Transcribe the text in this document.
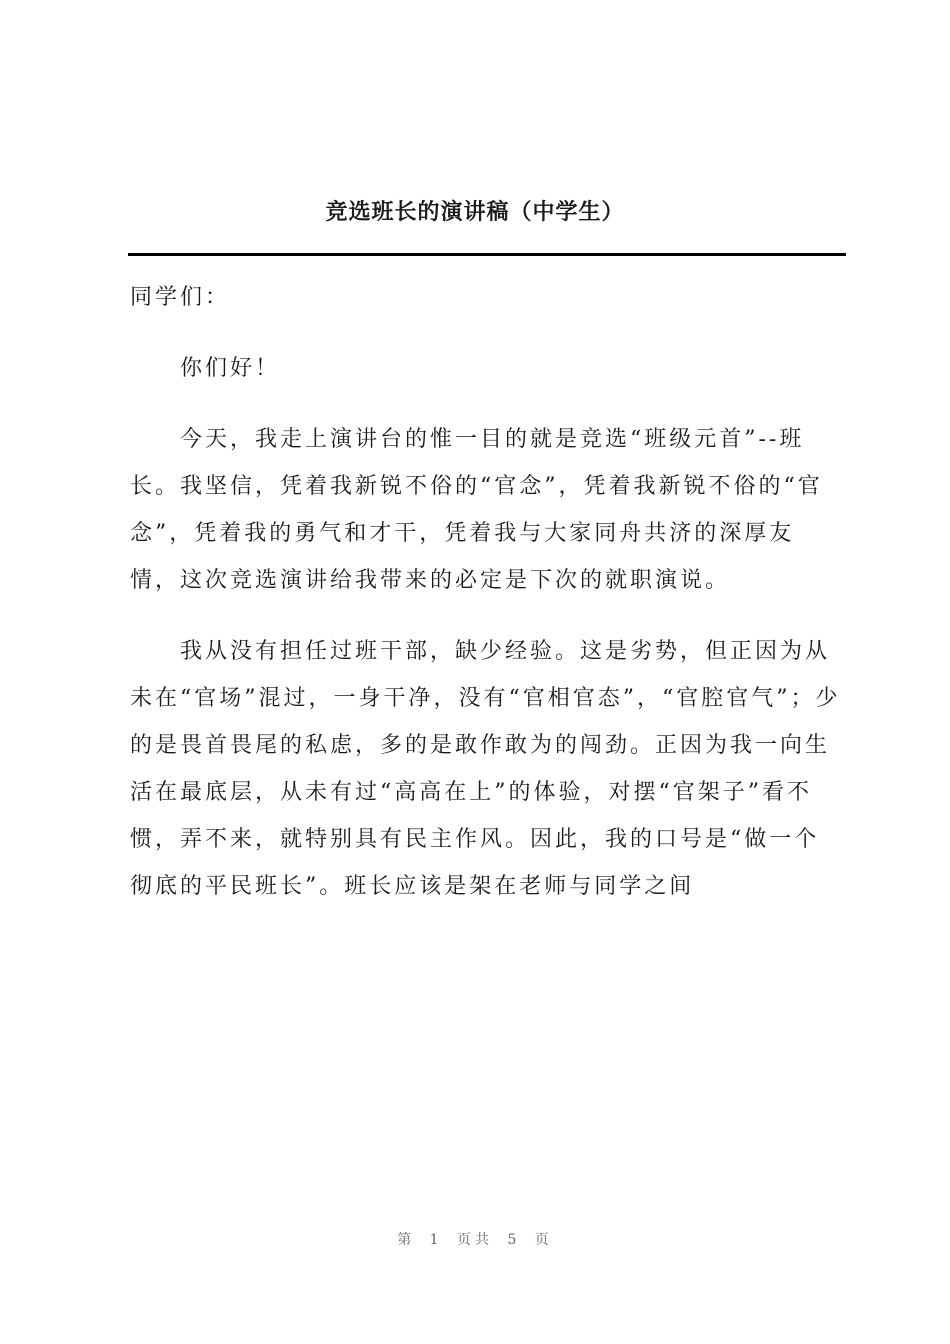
竞选班长的演讲稿（中学生）

同学们：

你们好！

今天，我走上演讲台的惟一目的就是竞选“班级元首”--班长。我坚信，凭着我新锐不俗的“官念”，凭着我新锐不俗的“官念”，凭着我的勇气和才干，凭着我与大家同舟共济的深厚友情，这次竞选演讲给我带来的必定是下次的就职演说。

我从没有担任过班干部，缺少经验。这是劣势，但正因为从未在“官场”混过，一身干净，没有“官相官态”，“官腔官气”；少的是畏首畏尾的私虑，多的是敢作敢为的闯劲。正因为我一向生活在最底层，从未有过“高高在上”的体验，对摆“官架子”看不惯，弄不来，就特别具有民主作风。因此，我的口号是“做一个彻底的平民班长”。班长应该是架在老师与同学之间

第 1 页共 5 页
